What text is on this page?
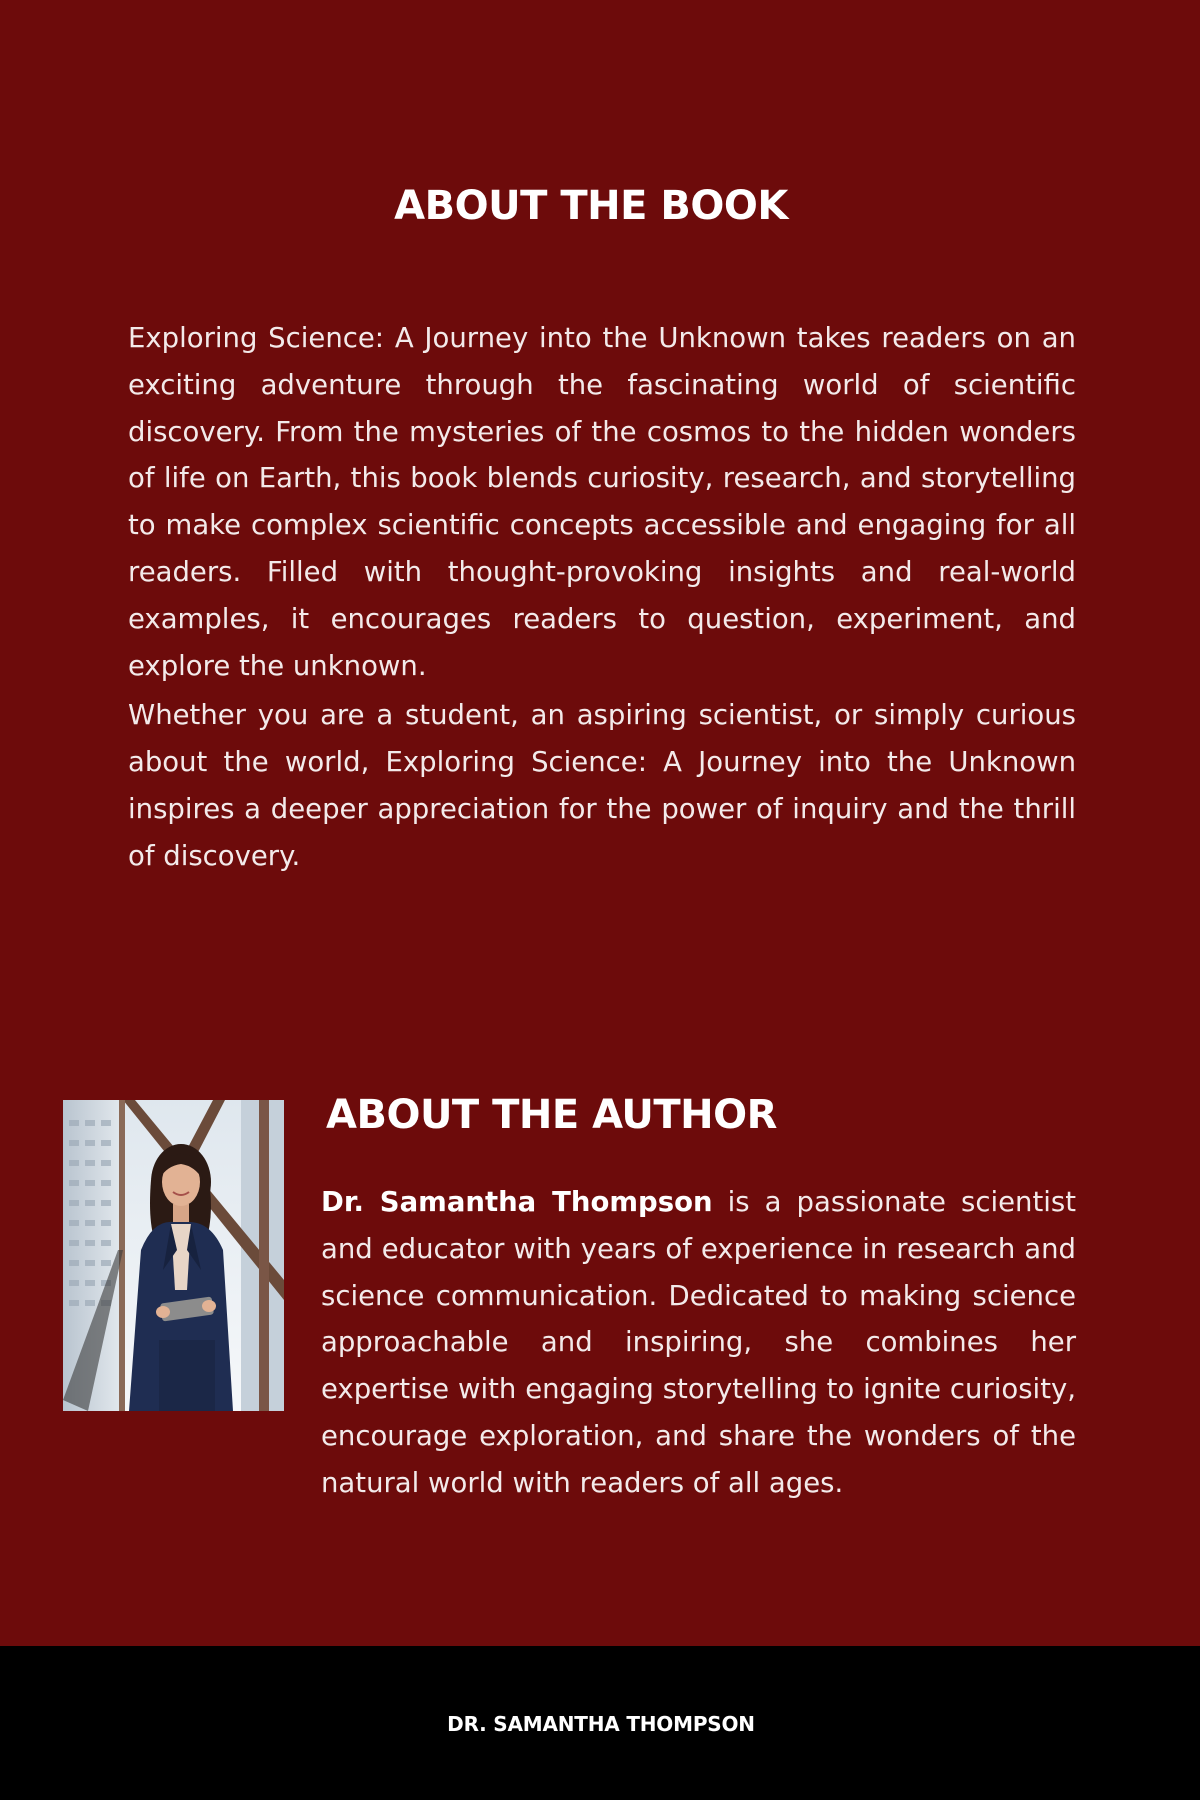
ABOUT THE BOOK

Exploring Science: A Journey into the Unknown takes readers on an exciting adventure through the fascinating world of scientific discovery. From the mysteries of the cosmos to the hidden wonders of life on Earth, this book blends curiosity, research, and storytelling to make complex scientific concepts accessible and engaging for all readers. Filled with thought-provoking insights and real-world examples, it encourages readers to question, experiment, and explore the unknown.

Whether you are a student, an aspiring scientist, or simply curious about the world, Exploring Science: A Journey into the Unknown inspires a deeper appreciation for the power of inquiry and the thrill of discovery.

ABOUT THE AUTHOR

Dr. Samantha Thompson is a passionate scientist and educator with years of experience in research and science communication. Dedicated to making science approachable and inspiring, she combines her expertise with engaging storytelling to ignite curiosity, encourage exploration, and share the wonders of the natural world with readers of all ages.

DR. SAMANTHA THOMPSON
